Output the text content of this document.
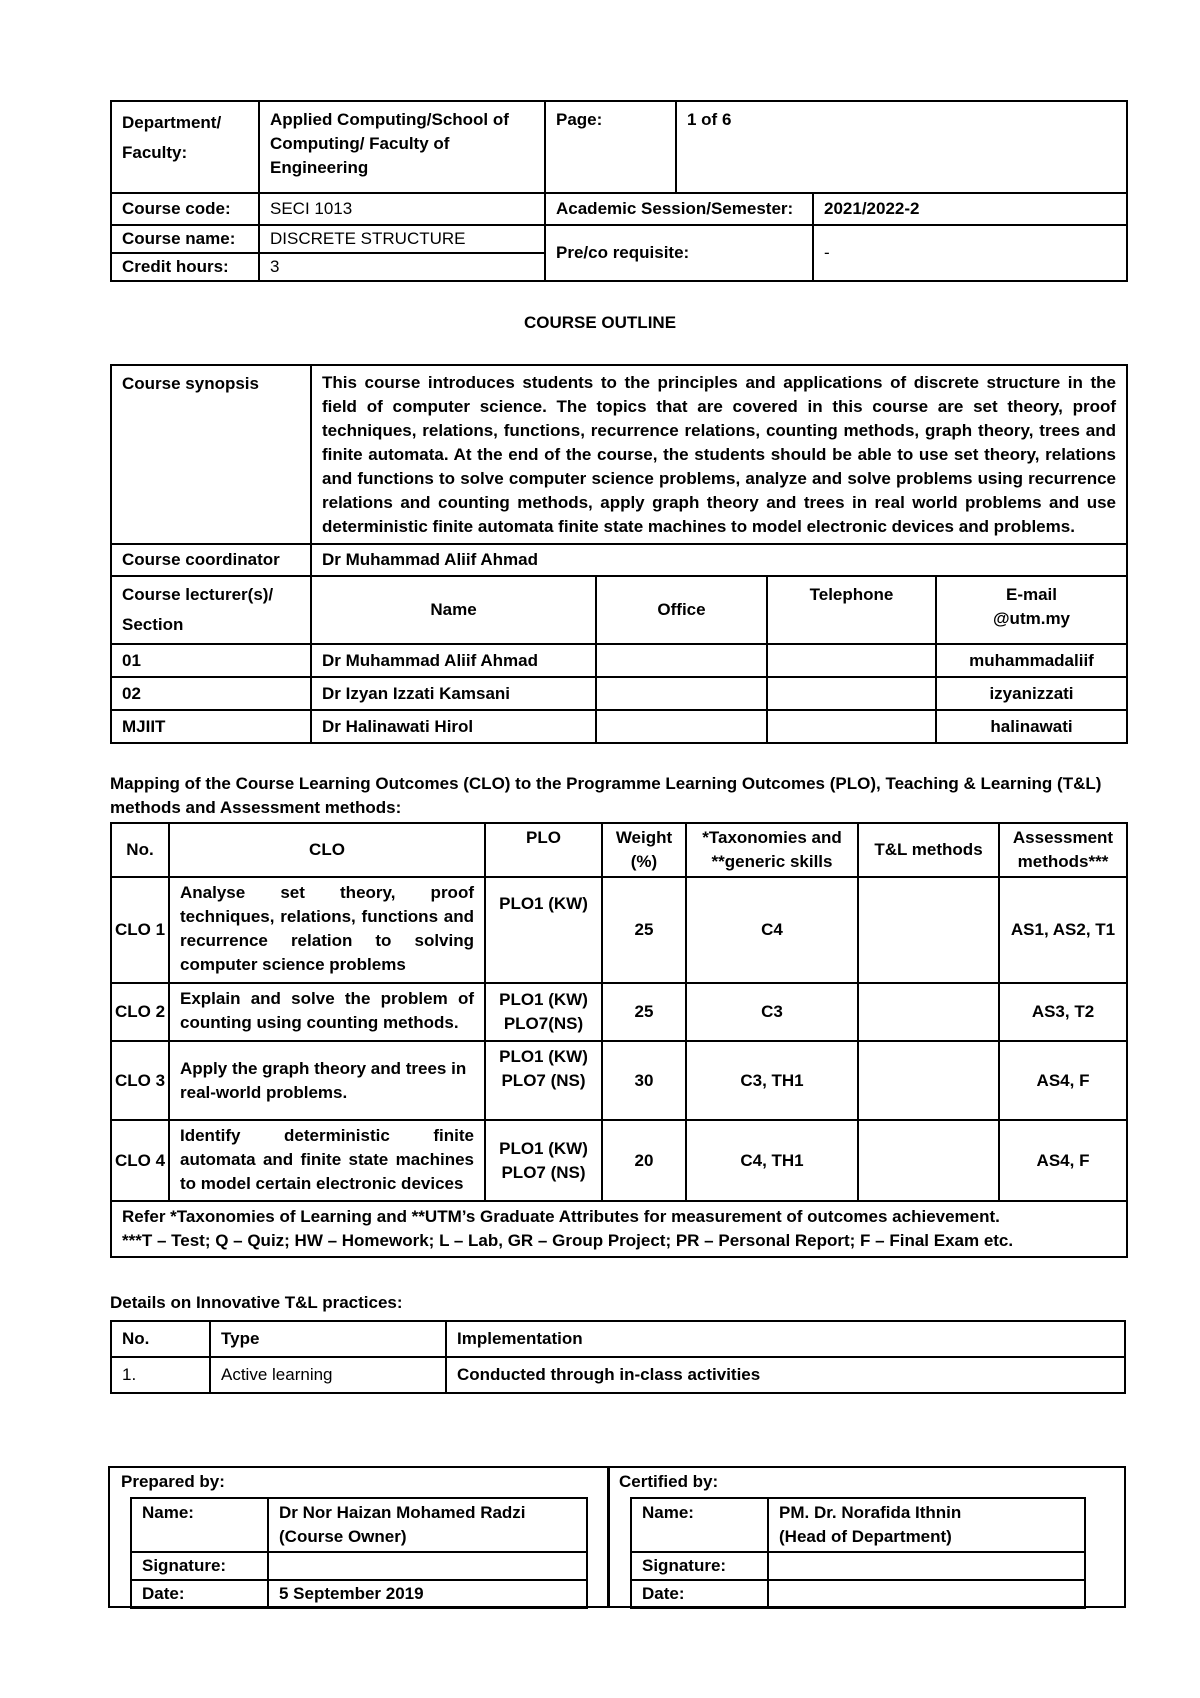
Department/ Faculty:	Applied Computing/School of Computing/ Faculty of Engineering	Page:	1 of 6	
Course code:	SECI 1013	Academic Session/Semester:		2021/2022-2
Course name:	DISCRETE STRUCTURE	Pre/co requisite:		-
Credit hours:	3			
COURSE OUTLINE
Course synopsis	This course introduces students to the principles and applications of discrete structure in the field of computer science. The topics that are covered in this course are set theory, proof techniques, relations, functions, recurrence relations, counting methods, graph theory, trees and finite automata. At the end of the course, the students should be able to use set theory, relations and functions to solve computer science problems, analyze and solve problems using recurrence relations and counting methods, apply graph theory and trees in real world problems and use deterministic finite automata finite state machines to model electronic devices and problems.			
Course coordinator	Dr Muhammad Aliif Ahmad			
Course lecturer(s)/ Section	Name	Office	Telephone	E-mail
@utm.my

01	Dr Muhammad Aliif Ahmad			muhammadaliif
02	Dr Izyan Izzati Kamsani			izyanizzati
MJIIT	Dr Halinawati Hirol			halinawati
Mapping of the Course Learning Outcomes (CLO) to the Programme Learning Outcomes (PLO), Teaching & Learning (T&L) methods and Assessment methods:
No.	CLO	PLO	Weight (%)	*Taxonomies and **generic skills	T&L methods	Assessment methods***
CLO 1	Analyse set theory, proof techniques, relations, functions and recurrence relation to solving computer science problems	PLO1 (KW)	25	C4		AS1, AS2, T1
CLO 2	Explain and solve the problem of counting using counting methods.	PLO1 (KW) PLO7(NS)	25	C3		AS3, T2
CLO 3	Apply the graph theory and trees in real-world problems.	PLO1 (KW) PLO7 (NS)	30	C3, TH1		AS4, F
CLO 4	Identify deterministic finite automata and finite state machines to model certain electronic devices	PLO1 (KW) PLO7 (NS)	20	C4, TH1		AS4, F

Refer *Taxonomies of Learning and **UTM’s Graduate Attributes for measurement of outcomes achievement.
***T – Test; Q – Quiz; HW – Homework; L – Lab, GR – Group Project; PR – Personal Report; F – Final Exam etc.						
Details on Innovative T&L practices:
No.	Type	Implementation
1.	Active learning	Conducted through in-class activities
Prepared by:
Name:	Dr Nor Haizan Mohamed Radzi
(Course Owner)

Signature:	
Date:	5 September 2019
Certified by:
Name:	PM. Dr. Norafida Ithnin
(Head of Department)

Signature:	
Date:	
